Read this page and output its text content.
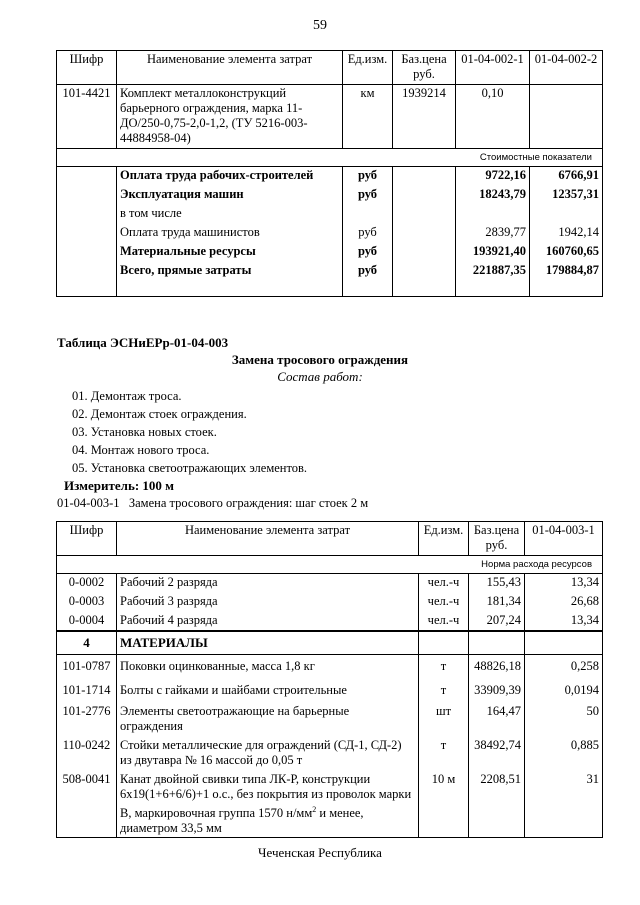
59
Шифр	Наименование элемента затрат	Ед.изм.	Баз.цена руб.	01-04-002-1	01-04-002-2
101-4421	Комплект металлоконструкций барьерного ограждения, марка 11-ДО/250-0,75-2,0-1,2, (ТУ 5216-003-44884958-04)	км	1939214	0,10	
Стоимостные показатели					
	Оплата труда рабочих-строителей	руб		9722,16	6766,91
	Эксплуатация машин	руб		18243,79	12357,31
	в том числе				
	Оплата труда машинистов	руб		2839,77	1942,14
	Материальные ресурсы	руб		193921,40	160760,65
	Всего, прямые затраты	руб		221887,35	179884,87

Таблица ЭСНиЕРр-01-04-003
Замена тросового ограждения
Состав работ:
01. Демонтаж троса.
02. Демонтаж стоек ограждения.
03. Установка новых стоек.
04. Монтаж нового троса.
05. Установка светоотражающих элементов.
Измеритель: 100 м
01-04-003-1   Замена тросового ограждения: шаг стоек 2 м
Шифр	Наименование элемента затрат	Ед.изм.	Баз.цена руб.	01-04-003-1
Норма расхода ресурсов				
0-0002	Рабочий 2 разряда	чел.-ч	155,43	13,34
0-0003	Рабочий 3 разряда	чел.-ч	181,34	26,68
0-0004	Рабочий 4 разряда	чел.-ч	207,24	13,34
4	МАТЕРИАЛЫ			
101-0787	Поковки оцинкованные, масса 1,8 кг	т	48826,18	0,258
101-1714	Болты с гайками и шайбами строительные	т	33909,39	0,0194
101-2776	Элементы светоотражающие на барьерные ограждения	шт	164,47	50
110-0242	Стойки металлические для ограждений (СД-1, СД-2) из двутавра № 16 массой до 0,05 т	т	38492,74	0,885
508-0041	Канат двойной свивки типа ЛК-Р, конструкции 6х19(1+6+6/6)+1 о.с., без покрытия из проволок марки В, маркировочная группа 1570 $н/мм^2$ и менее, диаметром 33,5 мм	10 м	2208,51	31
Чеченская Республика
